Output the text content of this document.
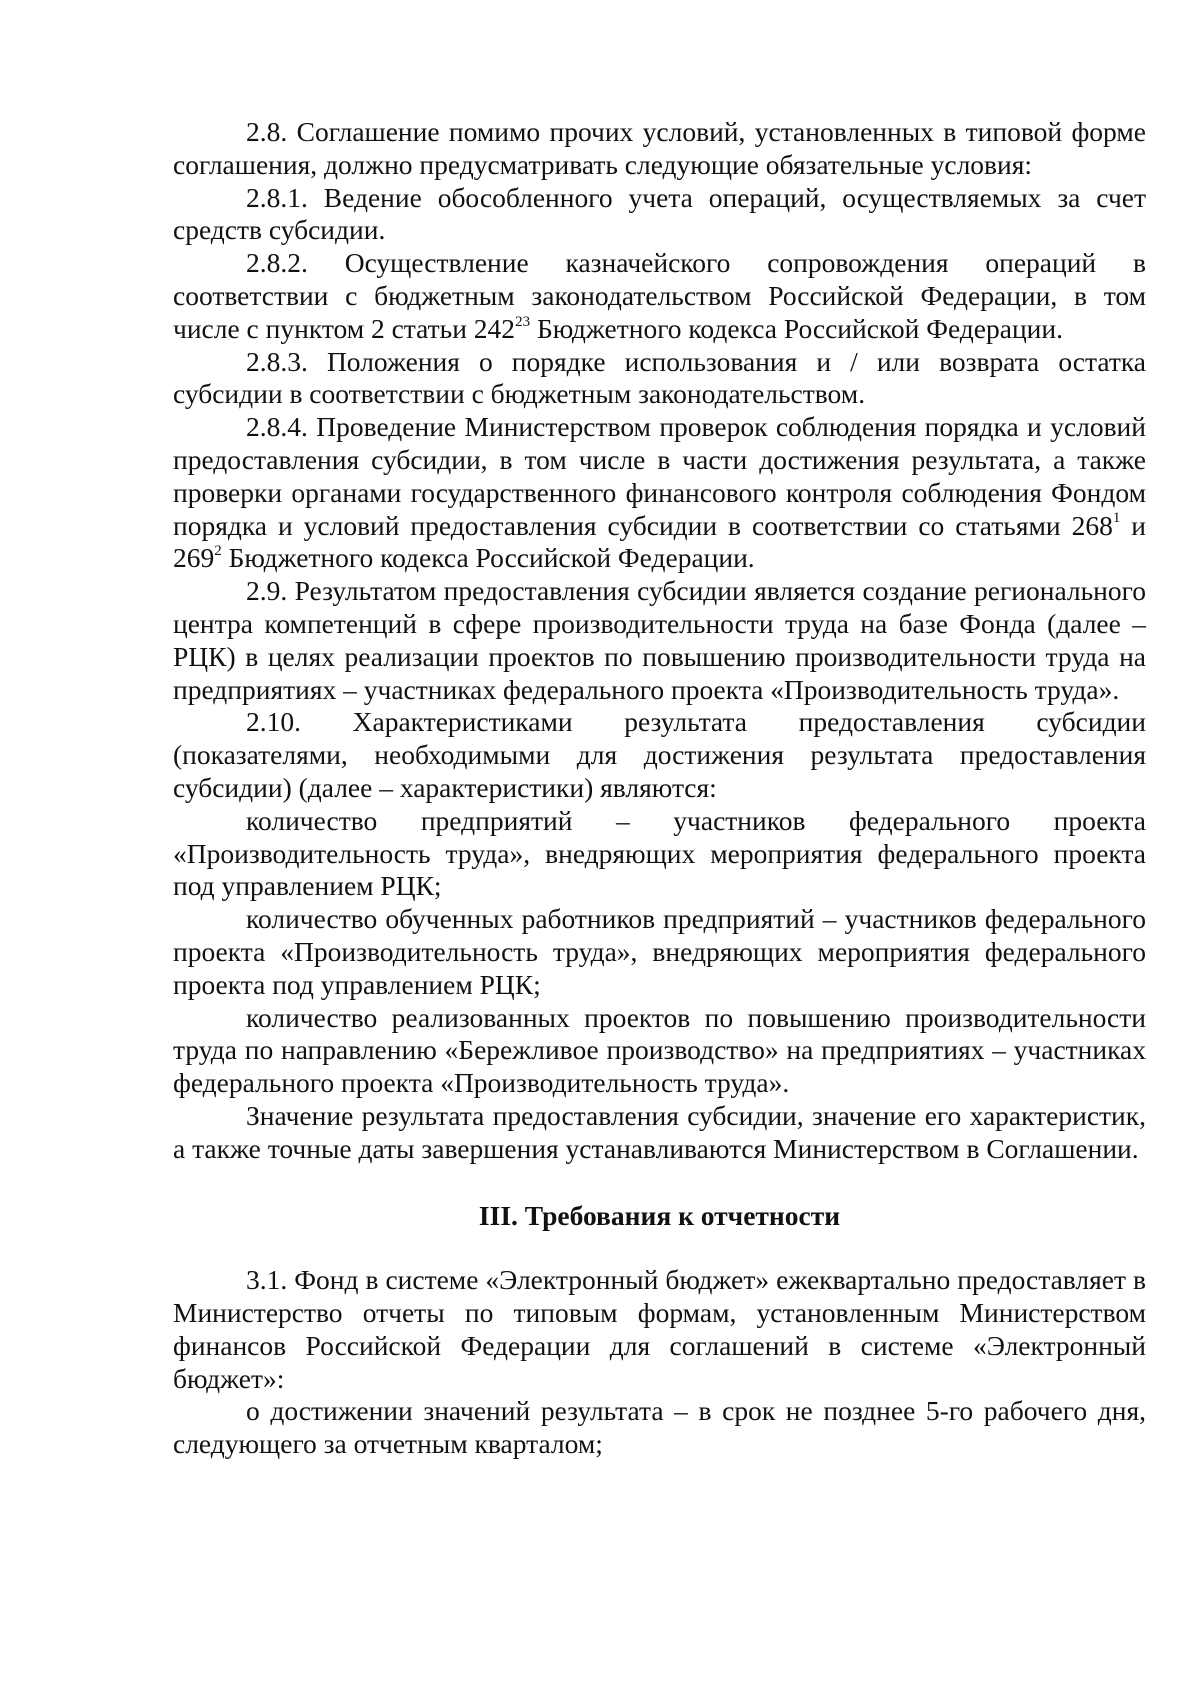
2.8. Соглашение помимо прочих условий, установленных в типовой форме соглашения, должно предусматривать следующие обязательные условия:

2.8.1. Ведение обособленного учета операций, осуществляемых за счет средств субсидии.

2.8.2. Осуществление казначейского сопровождения операций в соответствии с бюджетным законодательством Российской Федерации, в том числе с пунктом 2 статьи $242^{23}$ Бюджетного кодекса Российской Федерации.

2.8.3. Положения о порядке использования и / или возврата остатка субсидии в соответствии с бюджетным законодательством.

2.8.4. Проведение Министерством проверок соблюдения порядка и условий предоставления субсидии, в том числе в части достижения результата, а также проверки органами государственного финансового контроля соблюдения Фондом порядка и условий предоставления субсидии в соответствии со статьями $268^1$ и $269^2$ Бюджетного кодекса Российской Федерации.

2.9. Результатом предоставления субсидии является создание регионального центра компетенций в сфере производительности труда на базе Фонда (далее – РЦК) в целях реализации проектов по повышению производительности труда на предприятиях – участниках федерального проекта «Производительность труда».

2.10. Характеристиками результата предоставления субсидии (показателями, необходимыми для достижения результата предоставления субсидии) (далее – характеристики) являются:

количество предприятий – участников федерального проекта «Производительность труда», внедряющих мероприятия федерального проекта под управлением РЦК;

количество обученных работников предприятий – участников федерального проекта «Производительность труда», внедряющих мероприятия федерального проекта под управлением РЦК;

количество реализованных проектов по повышению производительности труда по направлению «Бережливое производство» на предприятиях – участниках федерального проекта «Производительность труда».

Значение результата предоставления субсидии, значение его характеристик, а также точные даты завершения устанавливаются Министерством в Соглашении.

III. Требования к отчетности

3.1. Фонд в системе «Электронный бюджет» ежеквартально предоставляет в Министерство отчеты по типовым формам, установленным Министерством финансов Российской Федерации для соглашений в системе «Электронный бюджет»:

о достижении значений результата – в срок не позднее 5-го рабочего дня, следующего за отчетным кварталом;
